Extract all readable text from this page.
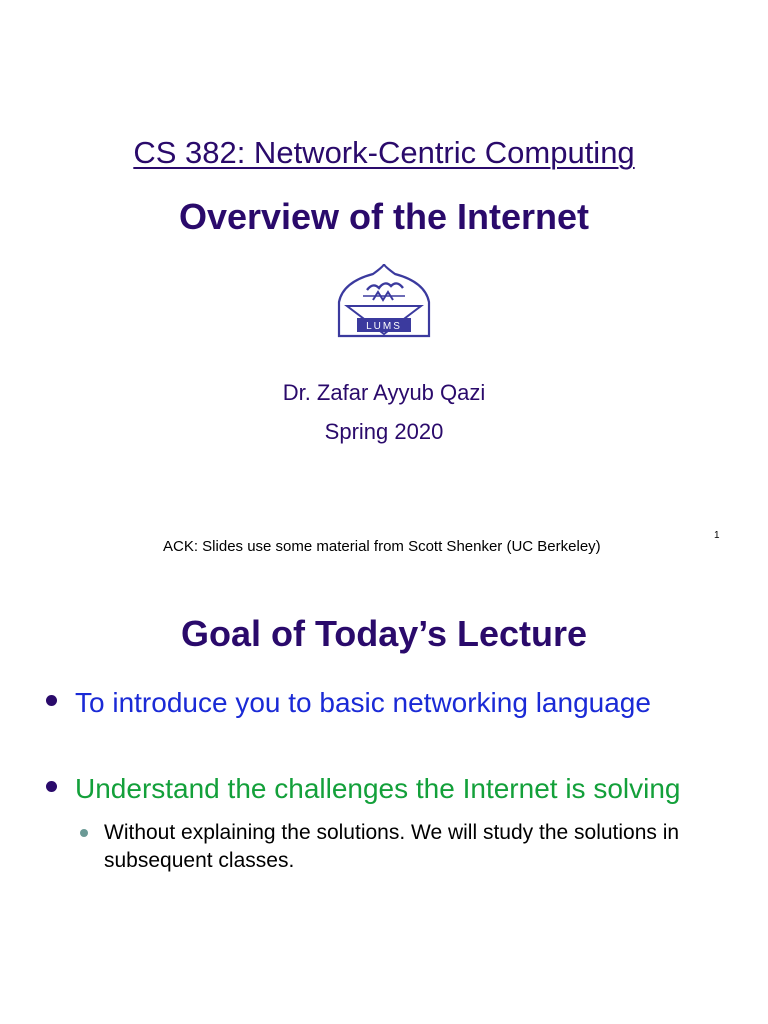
CS 382: Network-Centric Computing
Overview of the Internet
LUMS
Dr. Zafar Ayyub Qazi
Spring 2020
1
ACK: Slides use some material from Scott Shenker (UC Berkeley)
Goal of Today’s Lecture
To introduce you to basic networking language
Understand the challenges the Internet is solving
Without explaining the solutions. We will study the solutions in subsequent classes.
